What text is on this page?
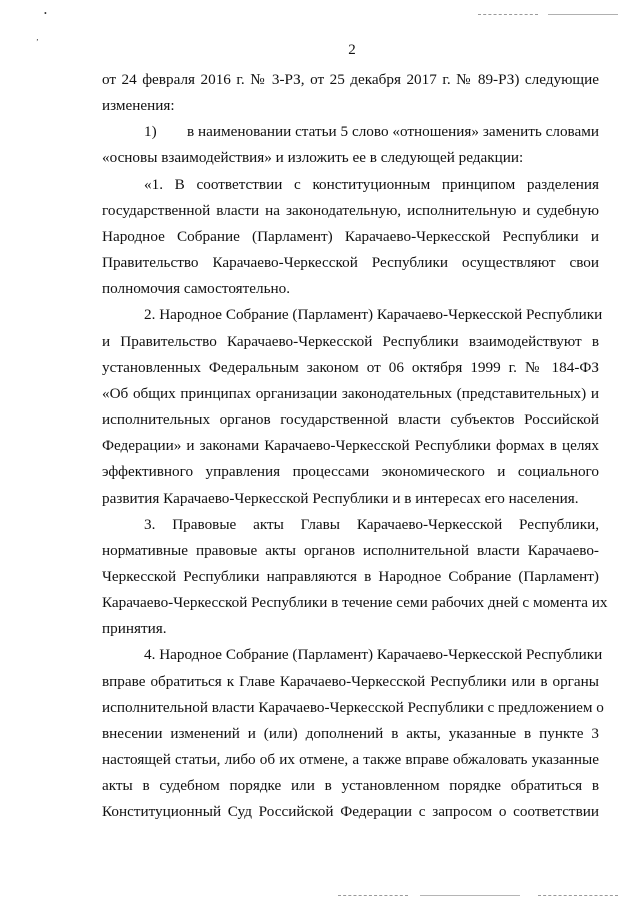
•
‚
2

от 24 февраля 2016 г. № 3-РЗ, от 25 декабря 2017 г. № 89-РЗ) следующие
изменения:

1)  в наименовании статьи 5 слово «отношения» заменить словами
«основы взаимодействия» и изложить ее в следующей редакции:

«1. В соответствии с конституционным принципом разделения
государственной власти на законодательную, исполнительную и судебную
Народное Собрание (Парламент) Карачаево-Черкесской Республики и
Правительство Карачаево-Черкесской Республики осуществляют свои
полномочия самостоятельно.

2. Народное Собрание (Парламент) Карачаево-Черкесской Республики
и Правительство Карачаево-Черкесской Республики взаимодействуют в
установленных Федеральным законом от 06 октября 1999 г. № 184-ФЗ
«Об общих принципах организации законодательных (представительных) и
исполнительных органов государственной власти субъектов Российской
Федерации» и законами Карачаево-Черкесской Республики формах в целях
эффективного управления процессами экономического и социального
развития Карачаево-Черкесской Республики и в интересах его населения.

3. Правовые акты Главы Карачаево-Черкесской Республики,
нормативные правовые акты органов исполнительной власти Карачаево-
Черкесской Республики направляются в Народное Собрание (Парламент)
Карачаево-Черкесской Республики в течение семи рабочих дней с момента их
принятия.

4. Народное Собрание (Парламент) Карачаево-Черкесской Республики
вправе обратиться к Главе Карачаево-Черкесской Республики или в органы
исполнительной власти Карачаево-Черкесской Республики с предложением о
внесении изменений и (или) дополнений в акты, указанные в пункте 3
настоящей статьи, либо об их отмене, а также вправе обжаловать указанные
акты в судебном порядке или в установленном порядке обратиться в
Конституционный Суд Российской Федерации с запросом о соответствии
